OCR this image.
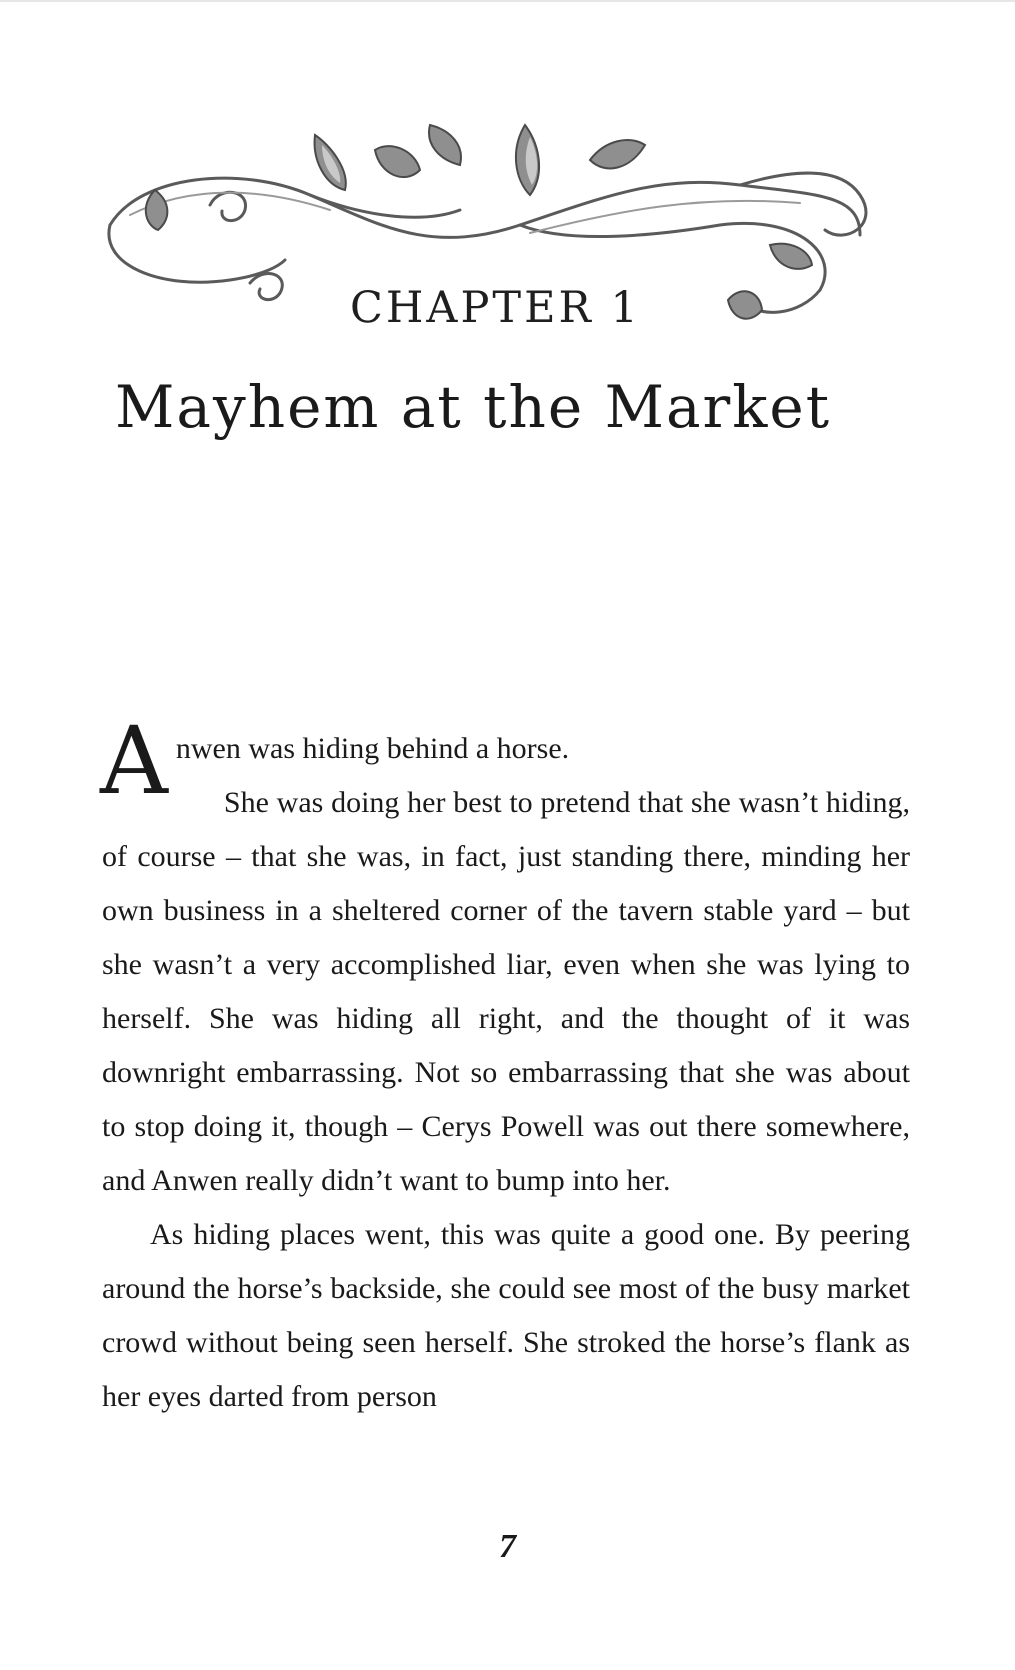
CHAPTER 1
Mayhem at the Market

Anwen was hiding behind a horse.

She was doing her best to pretend that she wasn’t hiding, of course – that she was, in fact, just standing there, minding her own business in a sheltered corner of the tavern stable yard – but she wasn’t a very accomplished liar, even when she was lying to herself. She was hiding all right, and the thought of it was downright embarrassing. Not so embarrassing that she was about to stop doing it, though – Cerys Powell was out there somewhere, and Anwen really didn’t want to bump into her.

As hiding places went, this was quite a good one. By peering around the horse’s backside, she could see most of the busy market crowd without being seen herself. She stroked the horse’s flank as her eyes darted from person

7
